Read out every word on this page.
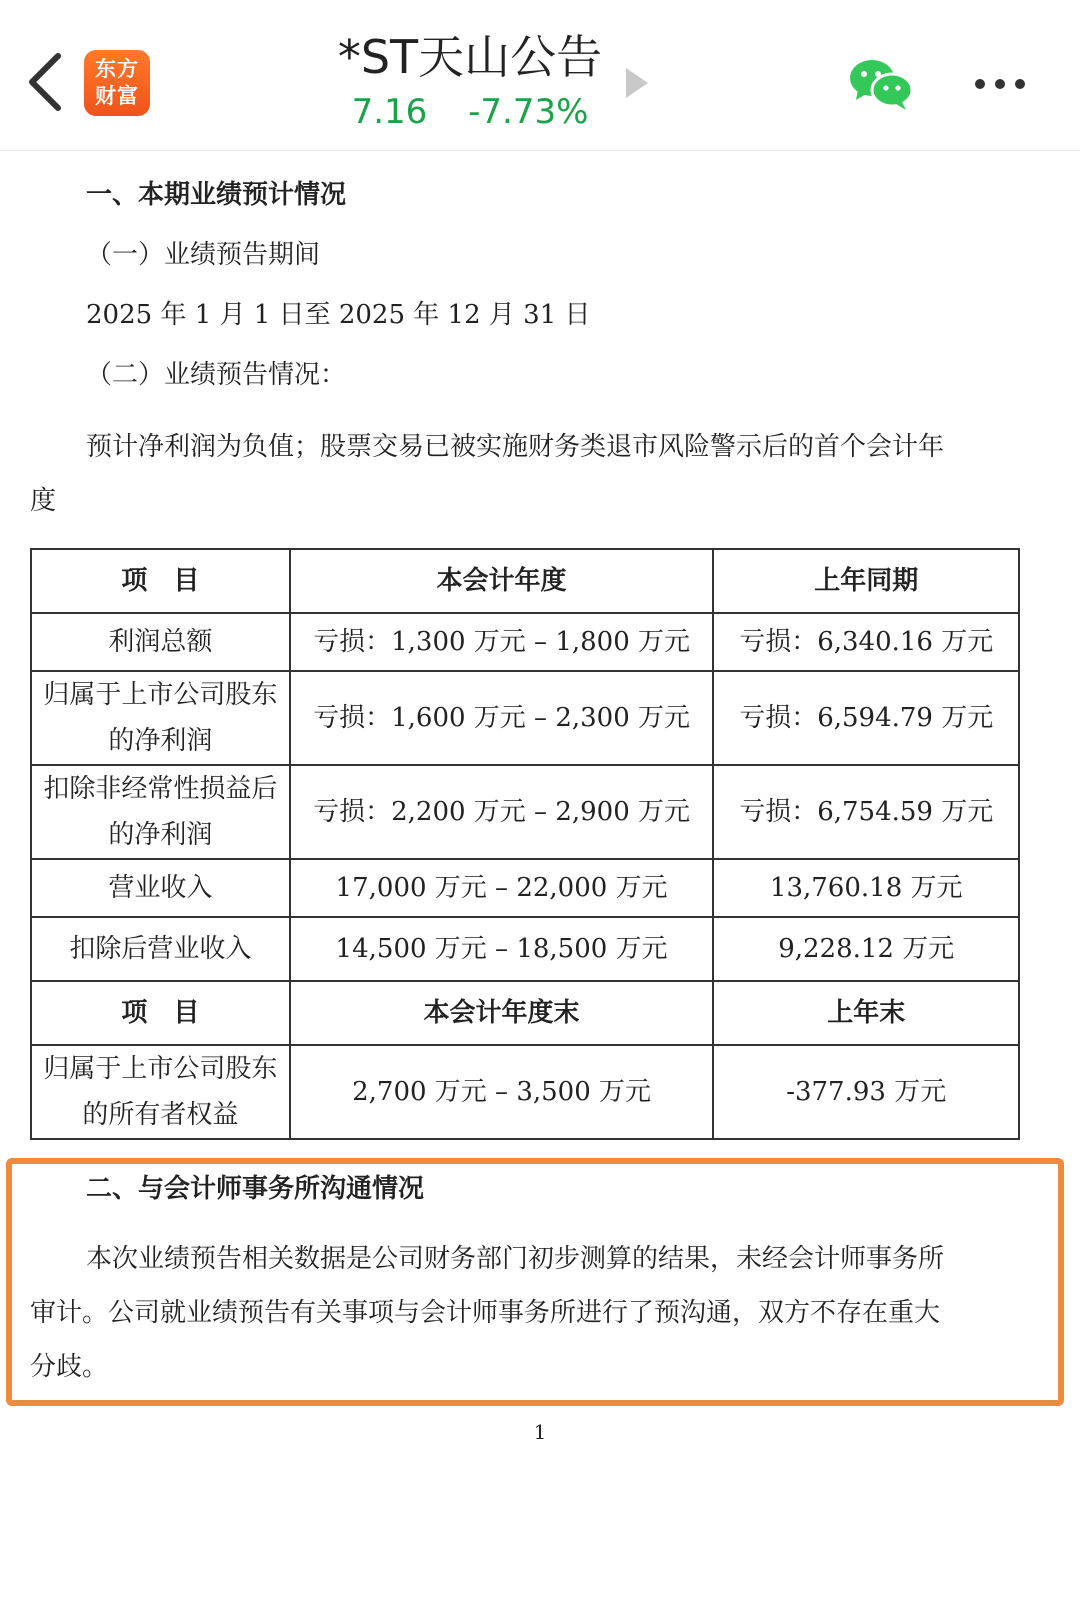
东方
财富
*ST天山公告
7.16 -7.73%
一、本期业绩预计情况
（一）业绩预告期间
2025 年 1 月 1 日至 2025 年 12 月 31 日
（二）业绩预告情况：
预计净利润为负值；股票交易已被实施财务类退市风险警示后的首个会计年
度
项　目	本会计年度	上年同期
利润总额	亏损：1,300 万元 – 1,800 万元	亏损：6,340.16 万元
归属于上市公司股东的净利润	亏损：1,600 万元 – 2,300 万元	亏损：6,594.79 万元
扣除非经常性损益后的净利润	亏损：2,200 万元 – 2,900 万元	亏损：6,754.59 万元
营业收入	17,000 万元 – 22,000 万元	13,760.18 万元
扣除后营业收入	14,500 万元 – 18,500 万元	9,228.12 万元
项　目	本会计年度末	上年末
归属于上市公司股东的所有者权益	2,700 万元 – 3,500 万元	-377.93 万元
二、与会计师事务所沟通情况
本次业绩预告相关数据是公司财务部门初步测算的结果，未经会计师事务所
审计。公司就业绩预告有关事项与会计师事务所进行了预沟通，双方不存在重大
分歧。
1
